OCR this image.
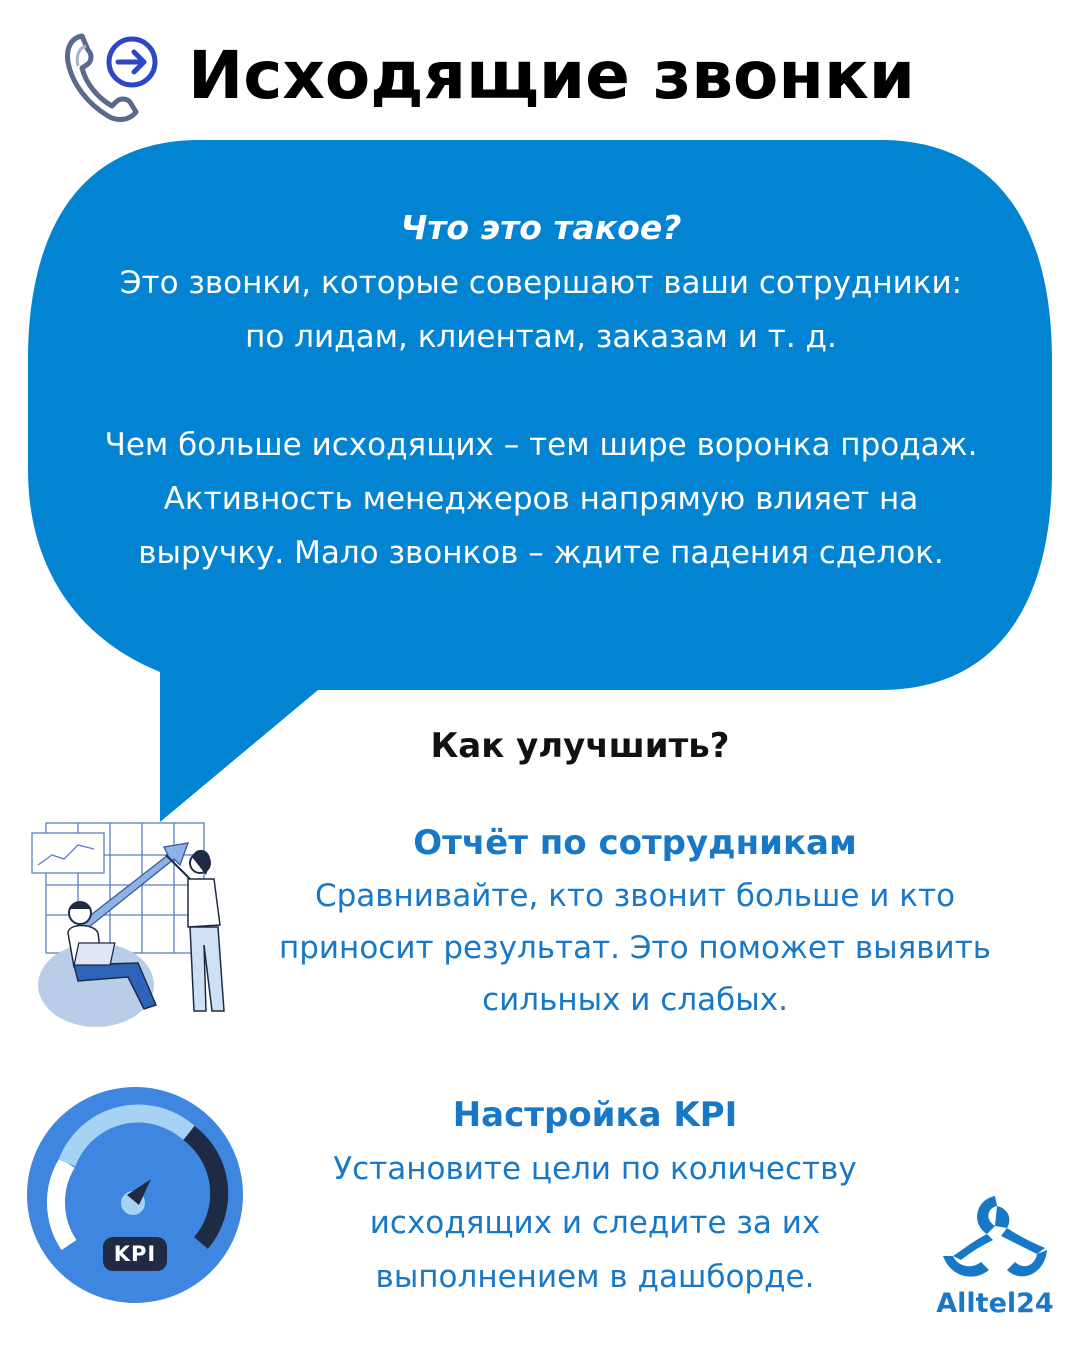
Исходящие звонки
Что это такое?

Это звонки, которые совершают ваши сотрудники:

по лидам, клиентам, заказам и т. д.

Чем больше исходящих – тем шире воронка продаж.

Активность менеджеров напрямую влияет на

выручку. Мало звонков – ждите падения сделок.

Как улучшить?
Отчёт по сотрудникам
Сравнивайте, кто звонит больше и кто
приносит результат. Это поможет выявить
сильных и слабых.
KPI
Настройка KPI
Установите цели по количеству
исходящих и следите за их
выполнением в дашборде.
Alltel24
